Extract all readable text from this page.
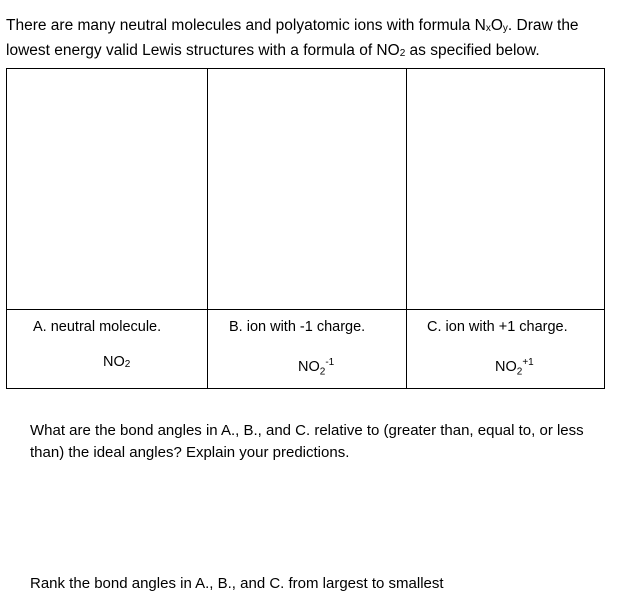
There are many neutral molecules and polyatomic ions with formula NxOy. Draw the
lowest energy valid Lewis structures with a formula of NO2 as specified below.
A. neutral molecule.	B. ion with -1 charge.	C. ion with +1 charge.
NO2	$NO_2^{-1}$	$NO_2^{+1}$
What are the bond angles in A., B., and C. relative to (greater than, equal to, or less than) the ideal angles? Explain your predictions.
Rank the bond angles in A., B., and C. from largest to smallest
